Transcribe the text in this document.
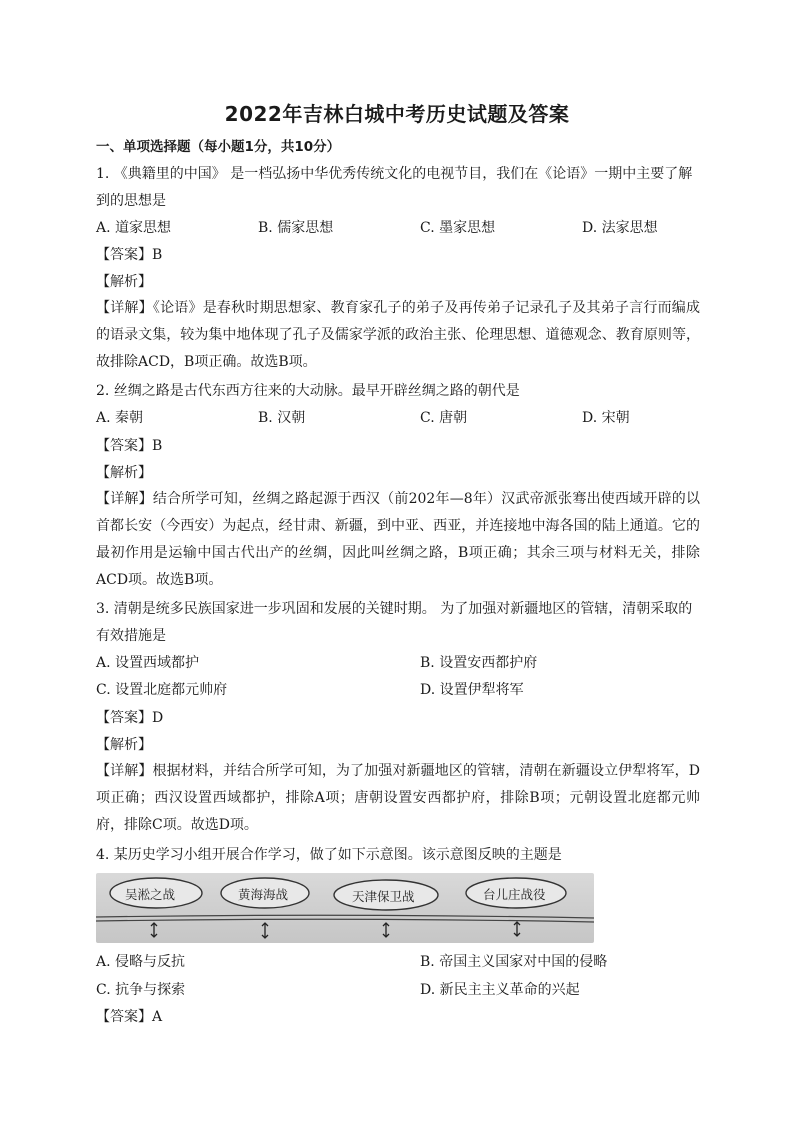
2022年吉林白城中考历史试题及答案
一、单项选择题（每小题1分，共10分）
1. 《典籍里的中国》 是一档弘扬中华优秀传统文化的电视节目，我们在《论语》一期中主要了解
到的思想是
A. 道家思想	B. 儒家思想	C. 墨家思想	D. 法家思想
【答案】B
【解析】
【详解】《论语》是春秋时期思想家、教育家孔子的弟子及再传弟子记录孔子及其弟子言行而编成的语录文集，较为集中地体现了孔子及儒家学派的政治主张、伦理思想、道德观念、教育原则等，故排除ACD，B项正确。故选B项。
2. 丝绸之路是古代东西方往来的大动脉。最早开辟丝绸之路的朝代是
A. 秦朝	B. 汉朝	C. 唐朝	D. 宋朝
【答案】B
【解析】
【详解】结合所学可知，丝绸之路起源于西汉（前202年—8年）汉武帝派张骞出使西域开辟的以首都长安（今西安）为起点，经甘肃、新疆，到中亚、西亚，并连接地中海各国的陆上通道。它的最初作用是运输中国古代出产的丝绸，因此叫丝绸之路，B项正确；其余三项与材料无关，排除ACD项。故选B项。
3. 清朝是统多民族国家进一步巩固和发展的关键时期。 为了加强对新疆地区的管辖，清朝采取的
有效措施是
A. 设置西域都护	B. 设置安西都护府
C. 设置北庭都元帅府	D. 设置伊犁将军
【答案】D
【解析】
【详解】根据材料，并结合所学可知，为了加强对新疆地区的管辖，清朝在新疆设立伊犁将军，D项正确；西汉设置西域都护，排除A项；唐朝设置安西都护府，排除B项；元朝设置北庭都元帅府，排除C项。故选D项。
4. 某历史学习小组开展合作学习，做了如下示意图。该示意图反映的主题是
吴淞之战	黄海海战	天津保卫战	台儿庄战役
A. 侵略与反抗	B. 帝国主义国家对中国的侵略
C. 抗争与探索	D. 新民主主义革命的兴起
【答案】A
